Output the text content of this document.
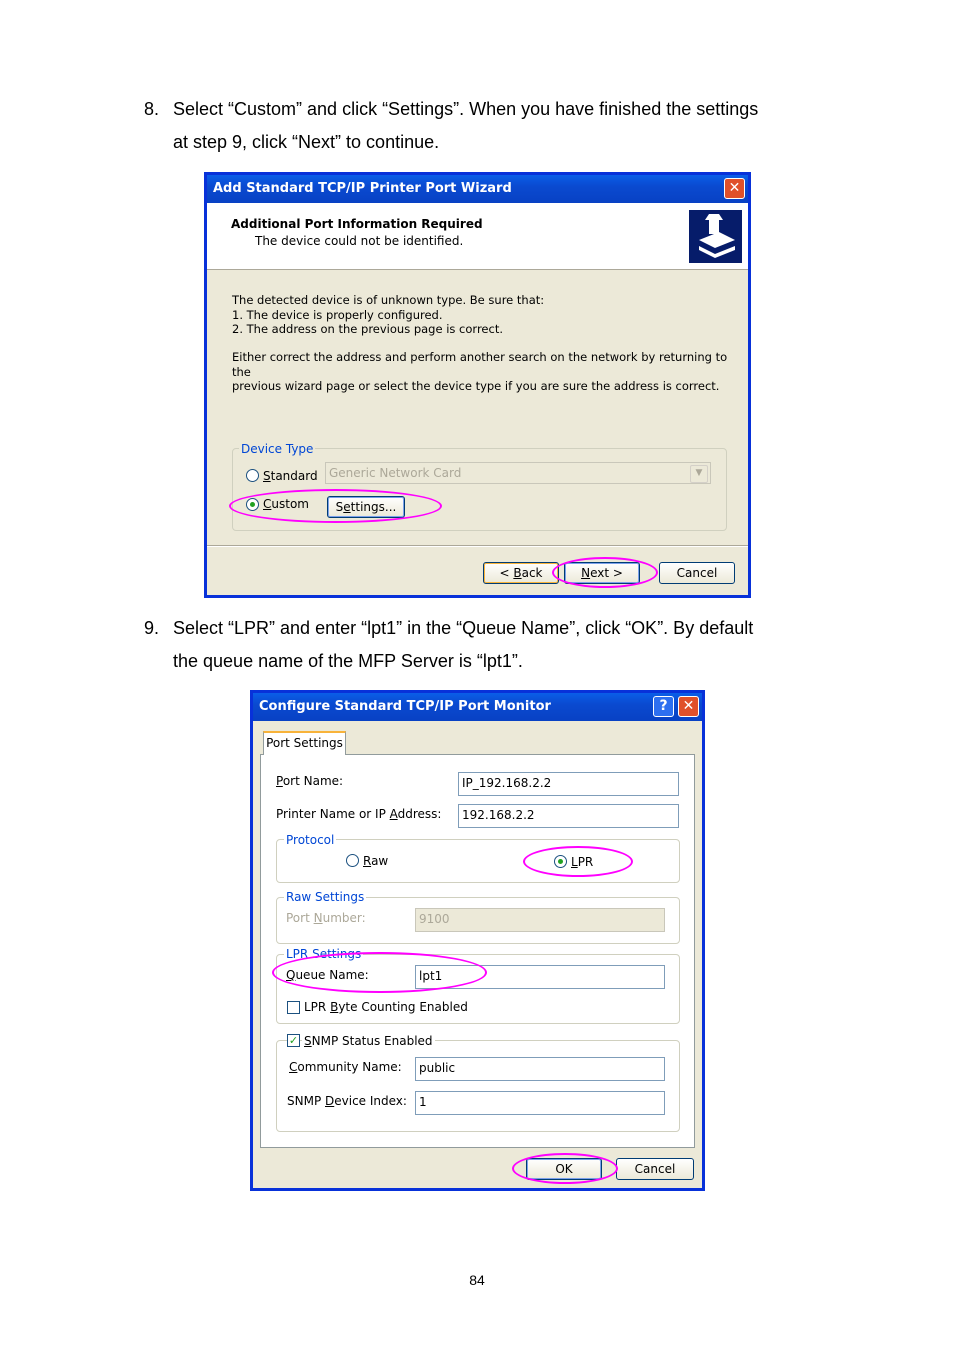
8. Select “Custom” and click “Settings”. When you have finished the settings
at step 9, click “Next” to continue.
Add Standard TCP/IP Printer Port Wizard	✕
Additional Port Information Required
The device could not be identified.
The detected device is of unknown type. Be sure that:
1. The device is properly configured.
2. The address on the previous page is correct.
Either correct the address and perform another search on the network by returning to the
previous wizard page or select the device type if you are sure the address is correct.
Device Type
Standard Generic Network Card	▼
Custom	Settings...
< Back	Next >	Cancel
9. Select “LPR” and enter “lpt1” in the “Queue Name”, click “OK”. By default
the queue name of the MFP Server is “lpt1”.
Configure Standard TCP/IP Port Monitor	?	✕
Port Settings
Port Name:	IP_192.168.2.2
Printer Name or IP Address:	192.168.2.2
Protocol
Raw	LPR
Raw Settings
Port Number:	9100
LPR Settings
Queue Name:	lpt1
LPR Byte Counting Enabled
✓ SNMP Status Enabled
Community Name:	public
SNMP Device Index:	1
OK	Cancel
84
